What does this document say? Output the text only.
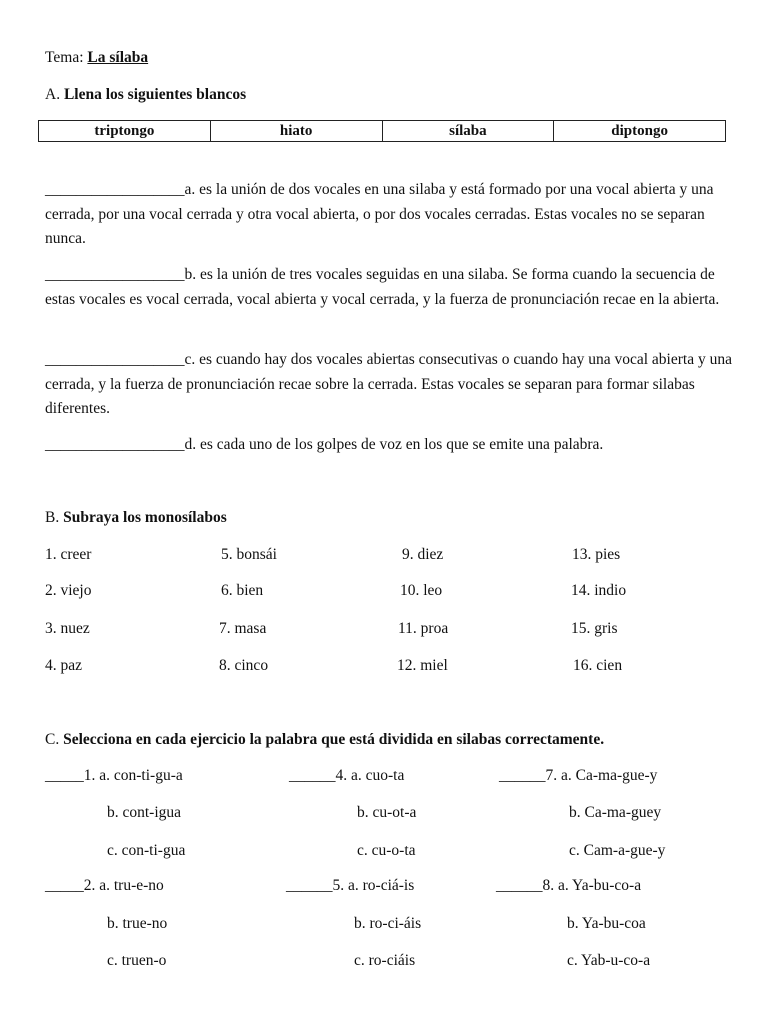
Tema: La sílaba
A. Llena los siguientes blancos
triptongo	hiato	sílaba	diptongo
__________________a. es la unión de dos vocales en una silaba y está formado por una vocal abierta y una cerrada, por una vocal cerrada y otra vocal abierta, o por dos vocales cerradas. Estas vocales no se separan nunca.
__________________b. es la unión de tres vocales seguidas en una silaba. Se forma cuando la secuencia de estas vocales es vocal cerrada, vocal abierta y vocal cerrada, y la fuerza de pronunciación recae en la abierta.
__________________c. es cuando hay dos vocales abiertas consecutivas o cuando hay una vocal abierta y una cerrada, y la fuerza de pronunciación recae sobre la cerrada. Estas vocales se separan para formar silabas diferentes.
__________________d. es cada uno de los golpes de voz en los que se emite una palabra.
B. Subraya los monosílabos
1. creer
2. viejo
3. nuez
4. paz
5. bonsái
6. bien
7. masa
8. cinco
9. diez
10. leo
11. proa
12. miel
13. pies
14. indio
15. gris
16. cien
C. Selecciona en cada ejercicio la palabra que está dividida en silabas correctamente.
_____1. a. con-ti-gu-a
b. cont-igua
c. con-ti-gua
______4. a. cuo-ta
b. cu-ot-a
c. cu-o-ta
______7. a. Ca-ma-gue-y
b. Ca-ma-guey
c. Cam-a-gue-y
_____2. a. tru-e-no
b. true-no
c. truen-o
______5. a. ro-ciá-is
b. ro-ci-áis
c. ro-ciáis
______8. a. Ya-bu-co-a
b. Ya-bu-coa
c. Yab-u-co-a
